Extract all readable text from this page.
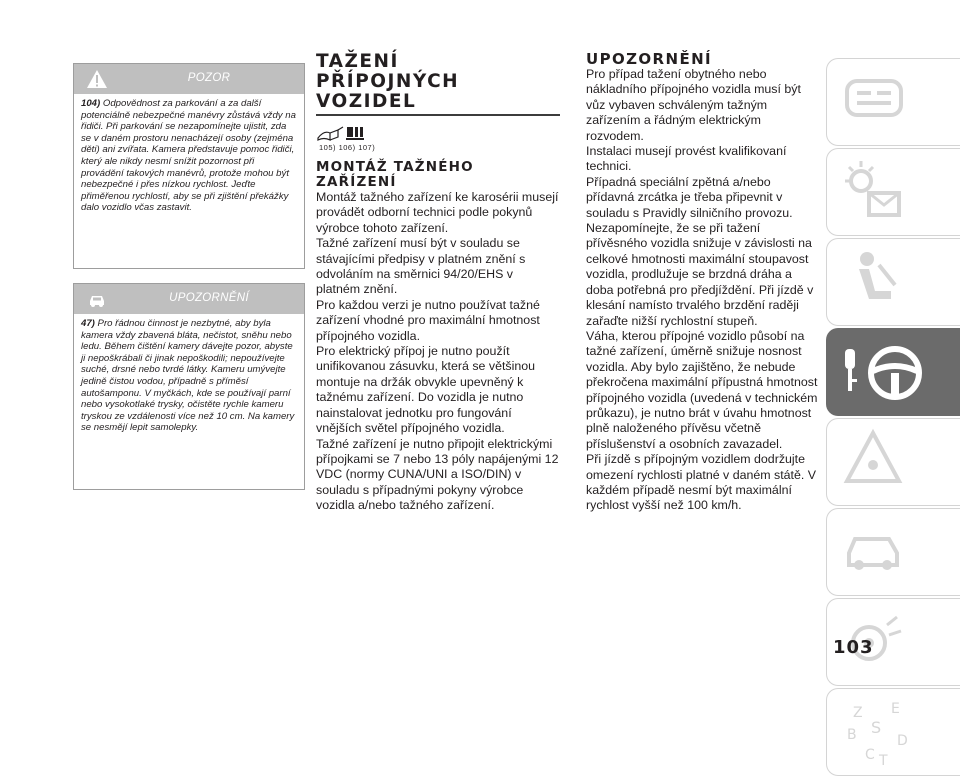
POZOR
104) Odpovědnost za parkování a za další potenciálně nebezpečné manévry zůstává vždy na řidiči. Při parkování se nezapomínejte ujistit, zda se v daném prostoru nenacházejí osoby (zejména děti) ani zvířata. Kamera představuje pomoc řidiči, který ale nikdy nesmí snížit pozornost při provádění takových manévrů, protože mohou být nebezpečné i přes nízkou rychlost. Jeďte přiměřenou rychlostí, aby se při zjištění překážky dalo vozidlo včas zastavit.
UPOZORNĚNÍ
47) Pro řádnou činnost je nezbytné, aby byla kamera vždy zbavená bláta, nečistot, sněhu nebo ledu. Během čištění kamery dávejte pozor, abyste ji nepoškrábali či jinak nepoškodili; nepoužívejte suché, drsné nebo tvrdé látky. Kameru umývejte jedině čistou vodou, případně s příměsí autošamponu. V myčkách, kde se používají parní nebo vysokotlaké trysky, očistěte rychle kameru tryskou ze vzdálenosti více než 10 cm. Na kamery se nesmějí lepit samolepky.
TAŽENÍ
PŘÍPOJNÝCH
VOZIDEL
105) 106) 107)
MONTÁŽ TAŽNÉHO
ZAŘÍZENÍ

Montáž tažného zařízení ke karosérii musejí provádět odborní technici podle pokynů výrobce tohoto zařízení.

Tažné zařízení musí být v souladu se stávajícími předpisy v platném znění s odvoláním na směrnici 94/20/EHS v platném znění.

Pro každou verzi je nutno používat tažné zařízení vhodné pro maximální hmotnost přípojného vozidla.

Pro elektrický přípoj je nutno použít unifikovanou zásuvku, která se většinou montuje na držák obvykle upevněný k tažnému zařízení. Do vozidla je nutno nainstalovat jednotku pro fungování vnějších světel přípojného vozidla.

Tažné zařízení je nutno připojit elektrickými přípojkami se 7 nebo 13 póly napájenými 12 VDC (normy CUNA/UNI a ISO/DIN) v souladu s případnými pokyny výrobce vozidla a/nebo tažného zařízení.

UPOZORNĚNÍ

Pro případ tažení obytného nebo nákladního přípojného vozidla musí být vůz vybaven schváleným tažným zařízením a řádným elektrickým rozvodem.

Instalaci musejí provést kvalifikovaní technici.

Případná speciální zpětná a/nebo přídavná zrcátka je třeba připevnit v souladu s Pravidly silničního provozu.

Nezapomínejte, že se při tažení přívěsného vozidla snižuje v závislosti na celkové hmotnosti maximální stoupavost vozidla, prodlužuje se brzdná dráha a doba potřebná pro předjíždění. Při jízdě v klesání namísto trvalého brzdění raději zařaďte nižší rychlostní stupeň.

Váha, kterou přípojné vozidlo působí na tažné zařízení, úměrně snižuje nosnost vozidla. Aby bylo zajištěno, že nebude překročena maximální přípustná hmotnost přípojného vozidla (uvedená v technickém průkazu), je nutno brát v úvahu hmotnost plně naloženého přívěsu včetně příslušenství a osobních zavazadel.

Při jízdě s přípojným vozidlem dodržujte omezení rychlosti platné v daném státě. V každém případě nesmí být maximální rychlost vyšší než 100 km/h.

Z E
B S
C T
D
103
